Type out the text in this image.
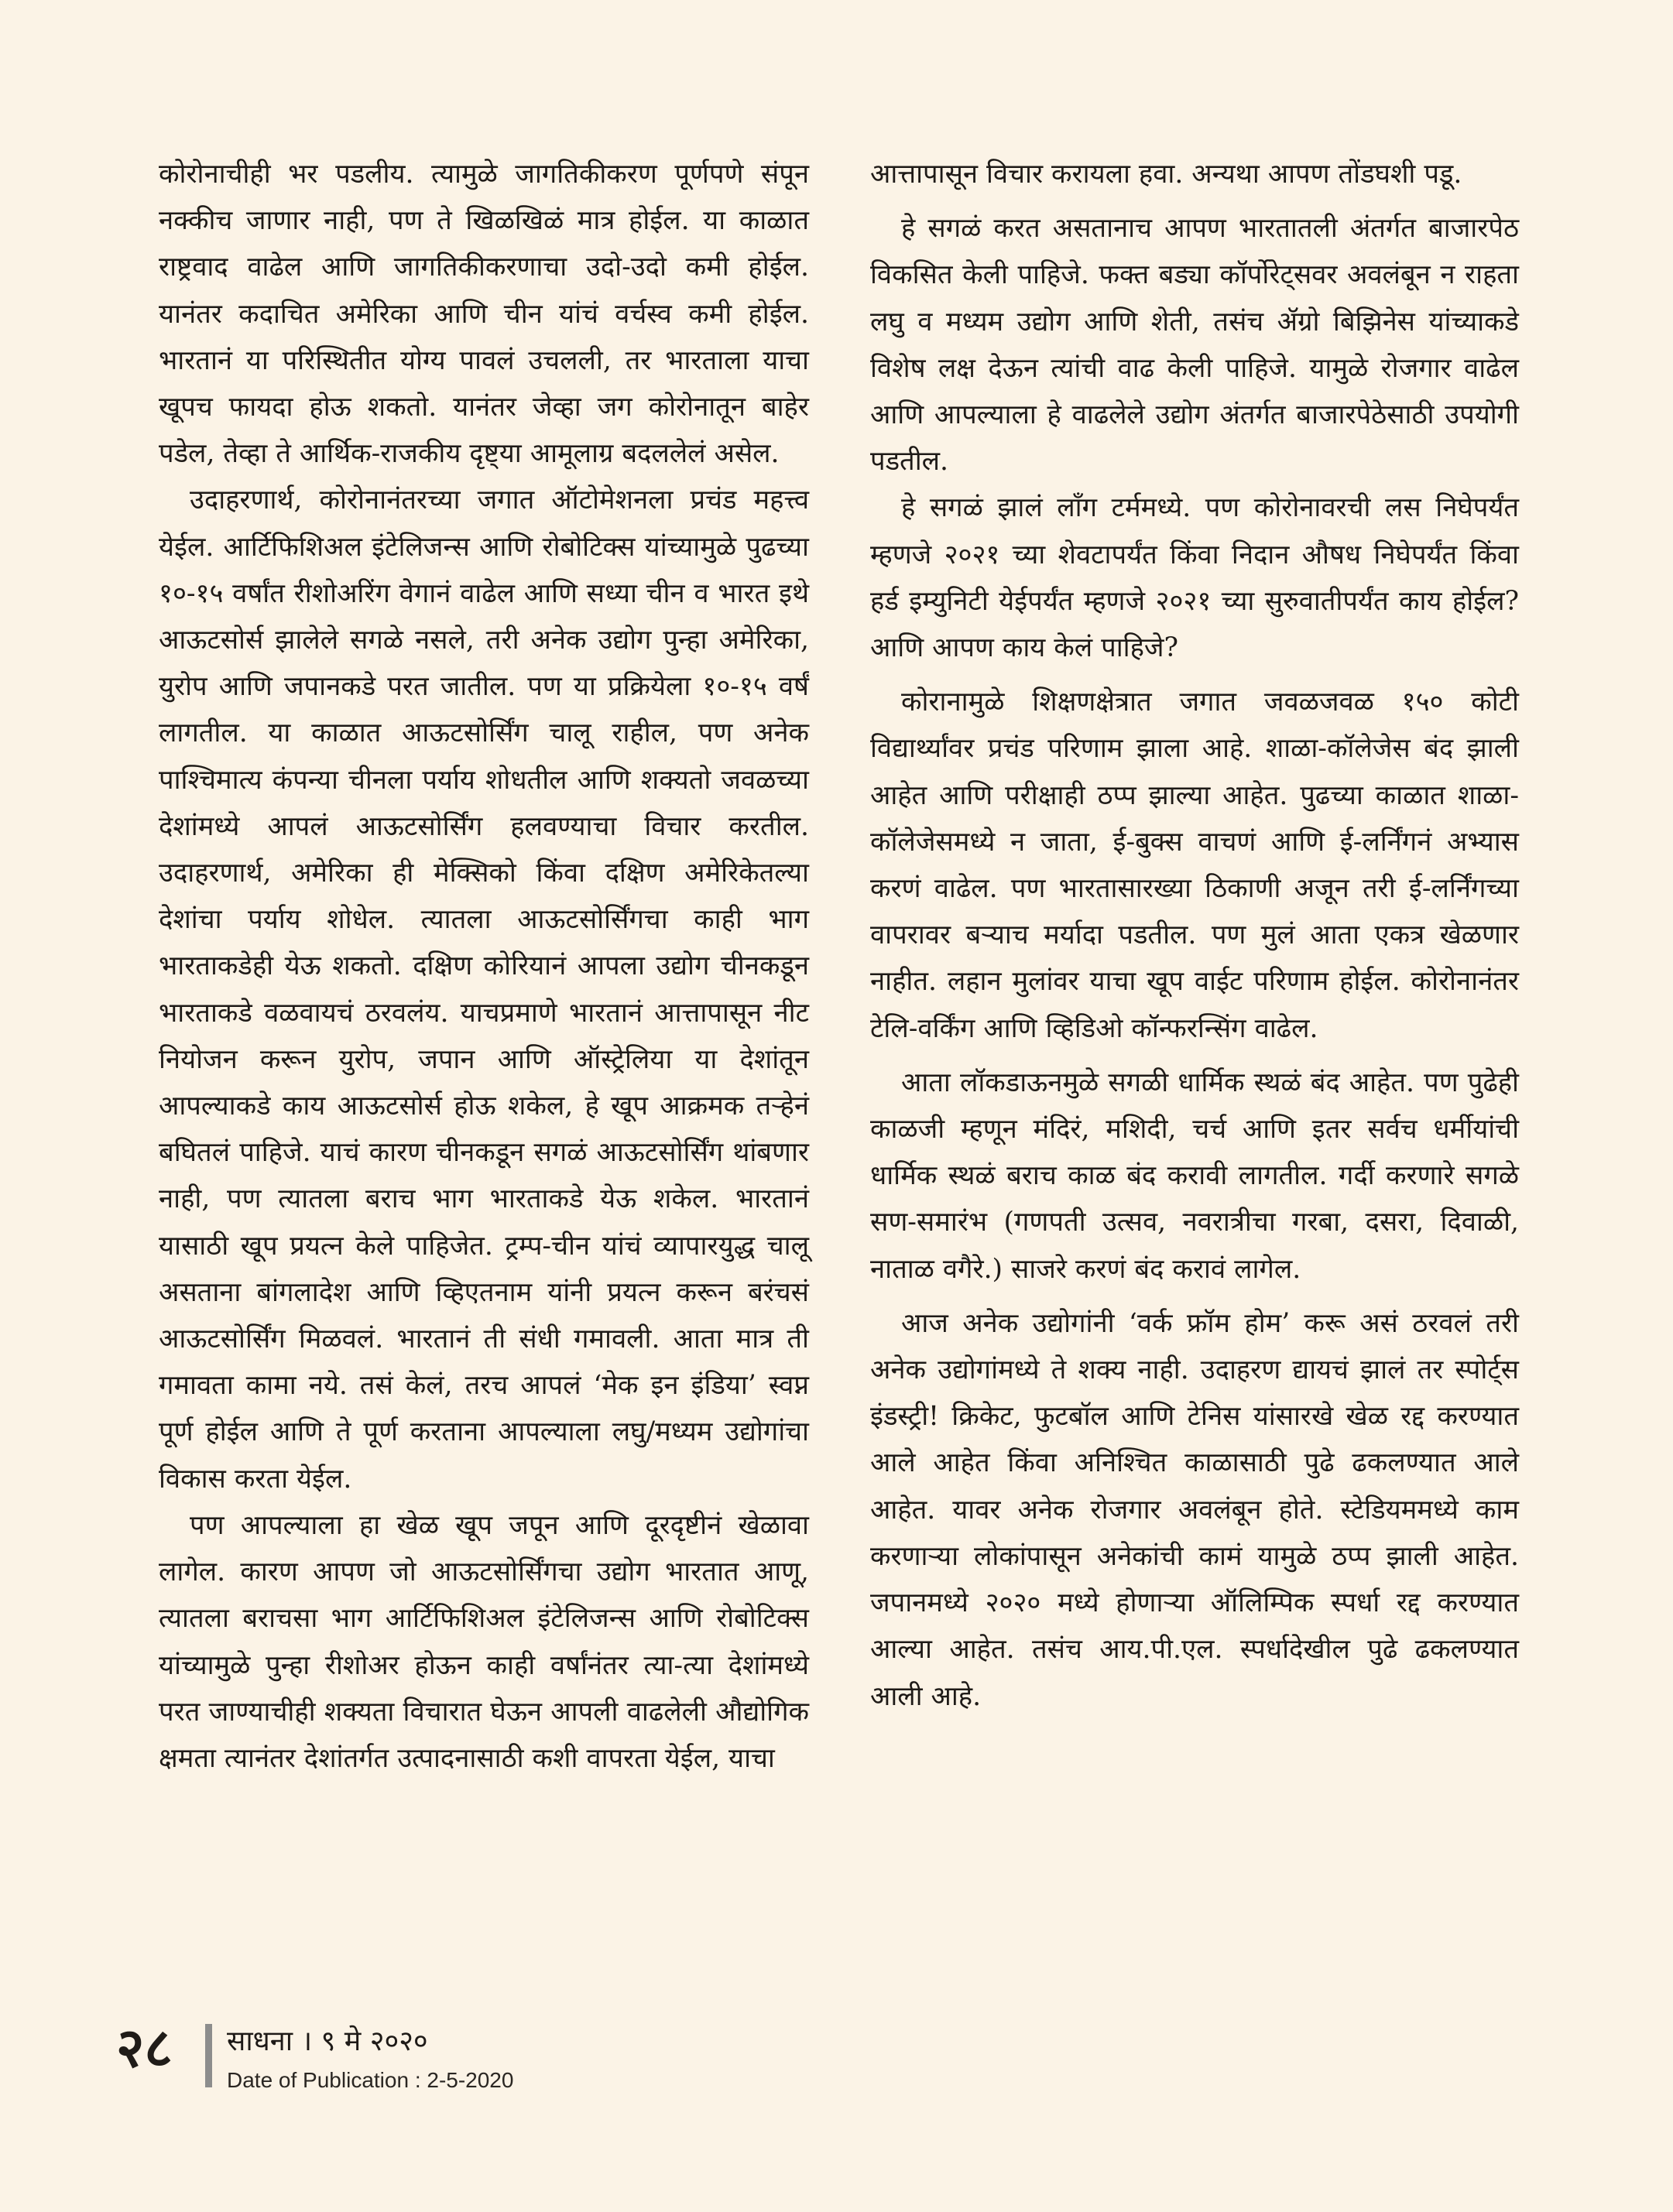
कोरोनाचीही भर पडलीय. त्यामुळे जागतिकीकरण पूर्णपणे संपून नक्कीच जाणार नाही, पण ते खिळखिळं मात्र होईल. या काळात राष्ट्रवाद वाढेल आणि जागतिकीकरणाचा उदो-उदो कमी होईल. यानंतर कदाचित अमेरिका आणि चीन यांचं वर्चस्व कमी होईल. भारतानं या परिस्थितीत योग्य पावलं उचलली, तर भारताला याचा खूपच फायदा होऊ शकतो. यानंतर जेव्हा जग कोरोनातून बाहेर पडेल, तेव्हा ते आर्थिक-राजकीय दृष्ट्या आमूलाग्र बदललेलं असेल.

उदाहरणार्थ, कोरोनानंतरच्या जगात ऑटोमेशनला प्रचंड महत्त्व येईल. आर्टिफिशिअल इंटेलिजन्स आणि रोबोटिक्स यांच्यामुळे पुढच्या १०-१५ वर्षांत रीशोअरिंग वेगानं वाढेल आणि सध्या चीन व भारत इथे आऊटसोर्स झालेले सगळे नसले, तरी अनेक उद्योग पुन्हा अमेरिका, युरोप आणि जपानकडे परत जातील. पण या प्रक्रियेला १०-१५ वर्षं लागतील. या काळात आऊटसोर्सिंग चालू राहील, पण अनेक पाश्चिमात्य कंपन्या चीनला पर्याय शोधतील आणि शक्यतो जवळच्या देशांमध्ये आपलं आऊटसोर्सिंग हलवण्याचा विचार करतील. उदाहरणार्थ, अमेरिका ही मेक्सिको किंवा दक्षिण अमेरिकेतल्या देशांचा पर्याय शोधेल. त्यातला आऊटसोर्सिंगचा काही भाग भारताकडेही येऊ शकतो. दक्षिण कोरियानं आपला उद्योग चीनकडून भारताकडे वळवायचं ठरवलंय. याचप्रमाणे भारतानं आत्तापासून नीट नियोजन करून युरोप, जपान आणि ऑस्ट्रेलिया या देशांतून आपल्याकडे काय आऊटसोर्स होऊ शकेल, हे खूप आक्रमक तऱ्हेनं बघितलं पाहिजे. याचं कारण चीनकडून सगळं आऊटसोर्सिंग थांबणार नाही, पण त्यातला बराच भाग भारताकडे येऊ शकेल. भारतानं यासाठी खूप प्रयत्न केले पाहिजेत. ट्रम्प-चीन यांचं व्यापारयुद्ध चालू असताना बांगलादेश आणि व्हिएतनाम यांनी प्रयत्न करून बरंचसं आऊटसोर्सिंग मिळवलं. भारतानं ती संधी गमावली. आता मात्र ती गमावता कामा नये. तसं केलं, तरच आपलं ‘मेक इन इंडिया’ स्वप्न पूर्ण होईल आणि ते पूर्ण करताना आपल्याला लघु/मध्यम उद्योगांचा विकास करता येईल.

पण आपल्याला हा खेळ खूप जपून आणि दूरदृष्टीनं खेळावा लागेल. कारण आपण जो आऊटसोर्सिंगचा उद्योग भारतात आणू, त्यातला बराचसा भाग आर्टिफिशिअल इंटेलिजन्स आणि रोबोटिक्स यांच्यामुळे पुन्हा रीशोअर होऊन काही वर्षांनंतर त्या-त्या देशांमध्ये परत जाण्याचीही शक्यता विचारात घेऊन आपली वाढलेली औद्योगिक क्षमता त्यानंतर देशांतर्गत उत्पादनासाठी कशी वापरता येईल, याचा

आत्तापासून विचार करायला हवा. अन्यथा आपण तोंडघशी पडू.

हे सगळं करत असतानाच आपण भारतातली अंतर्गत बाजारपेठ विकसित केली पाहिजे. फक्त बड्या कॉर्पोरेट्सवर अवलंबून न राहता लघु व मध्यम उद्योग आणि शेती, तसंच ॲग्रो बिझिनेस यांच्याकडे विशेष लक्ष देऊन त्यांची वाढ केली पाहिजे. यामुळे रोजगार वाढेल आणि आपल्याला हे वाढलेले उद्योग अंतर्गत बाजारपेठेसाठी उपयोगी पडतील.

हे सगळं झालं लाँग टर्ममध्ये. पण कोरोनावरची लस निघेपर्यंत म्हणजे २०२१ च्या शेवटापर्यंत किंवा निदान औषध निघेपर्यंत किंवा हर्ड इम्युनिटी येईपर्यंत म्हणजे २०२१ च्या सुरुवातीपर्यंत काय होईल? आणि आपण काय केलं पाहिजे?

कोरानामुळे शिक्षणक्षेत्रात जगात जवळजवळ १५० कोटी विद्यार्थ्यांवर प्रचंड परिणाम झाला आहे. शाळा-कॉलेजेस बंद झाली आहेत आणि परीक्षाही ठप्प झाल्या आहेत. पुढच्या काळात शाळा-कॉलेजेसमध्ये न जाता, ई-बुक्स वाचणं आणि ई-लर्निंगनं अभ्यास करणं वाढेल. पण भारतासारख्या ठिकाणी अजून तरी ई-लर्निंगच्या वापरावर बऱ्याच मर्यादा पडतील. पण मुलं आता एकत्र खेळणार नाहीत. लहान मुलांवर याचा खूप वाईट परिणाम होईल. कोरोनानंतर टेलि-वर्किंग आणि व्हिडिओ कॉन्फरन्सिंग वाढेल.

आता लॉकडाऊनमुळे सगळी धार्मिक स्थळं बंद आहेत. पण पुढेही काळजी म्हणून मंदिरं, मशिदी, चर्च आणि इतर सर्वच धर्मीयांची धार्मिक स्थळं बराच काळ बंद करावी लागतील. गर्दी करणारे सगळे सण-समारंभ (गणपती उत्सव, नवरात्रीचा गरबा, दसरा, दिवाळी, नाताळ वगैरे.) साजरे करणं बंद करावं लागेल.

आज अनेक उद्योगांनी ‘वर्क फ्रॉम होम’ करू असं ठरवलं तरी अनेक उद्योगांमध्ये ते शक्य नाही. उदाहरण द्यायचं झालं तर स्पोर्ट्स इंडस्ट्री! क्रिकेट, फुटबॉल आणि टेनिस यांसारखे खेळ रद्द करण्यात आले आहेत किंवा अनिश्चित काळासाठी पुढे ढकलण्यात आले आहेत. यावर अनेक रोजगार अवलंबून होते. स्टेडियममध्ये काम करणाऱ्या लोकांपासून अनेकांची कामं यामुळे ठप्प झाली आहेत. जपानमध्ये २०२० मध्ये होणाऱ्या ऑलिम्पिक स्पर्धा रद्द करण्यात आल्या आहेत. तसंच आय.पी.एल. स्पर्धादेखील पुढे ढकलण्यात आली आहे.

२८ साधना । ९ मे २०२०
Date of Publication : 2-5-2020
